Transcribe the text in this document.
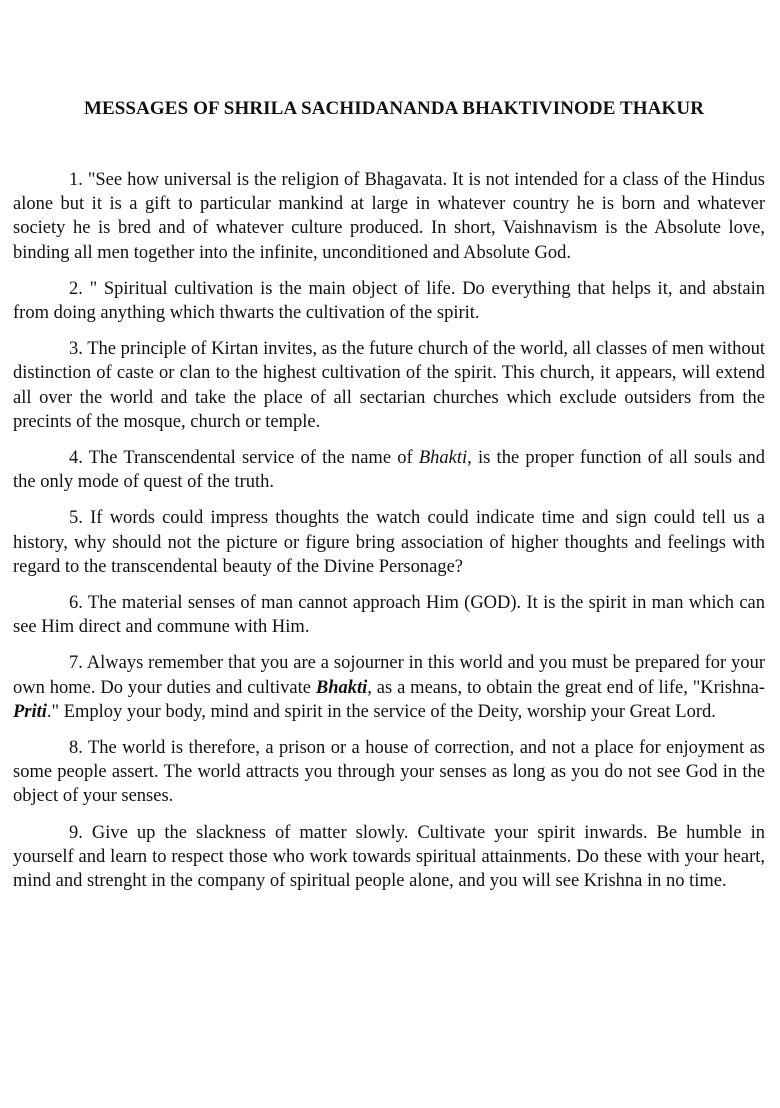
MESSAGES OF SHRILA SACHIDANANDA BHAKTIVINODE THAKUR

1. "See how universal is the religion of Bhagavata. It is not intended for a class of the Hindus alone but it is a gift to particular mankind at large in whatever country he is born and whatever society he is bred and of whatever culture produced. In short, Vaishnavism is the Absolute love, binding all men together into the infinite, unconditioned and Absolute God.

2. " Spiritual cultivation is the main object of life. Do everything that helps it, and abstain from doing anything which thwarts the cultivation of the spirit.

3. The principle of Kirtan invites, as the future church of the world, all classes of men without distinction of caste or clan to the highest cultivation of the spirit. This church, it appears, will extend all over the world and take the place of all sectarian churches which exclude outsiders from the precints of the mosque, church or temple.

4. The Transcendental service of the name of Bhakti, is the proper function of all souls and the only mode of quest of the truth.

5. If words could impress thoughts the watch could indicate time and sign could tell us a history, why should not the picture or figure bring association of higher thoughts and feelings with regard to the transcendental beauty of the Divine Personage?

6. The material senses of man cannot approach Him (GOD). It is the spirit in man which can see Him direct and commune with Him.

7. Always remember that you are a sojourner in this world and you must be prepared for your own home. Do your duties and cultivate Bhakti, as a means, to obtain the great end of life, "Krishna-Priti." Employ your body, mind and spirit in the service of the Deity, worship your Great Lord.

8. The world is therefore, a prison or a house of correction, and not a place for enjoyment as some people assert. The world attracts you through your senses as long as you do not see God in the object of your senses.

9. Give up the slackness of matter slowly. Cultivate your spirit inwards. Be humble in yourself and learn to respect those who work towards spiritual attainments. Do these with your heart, mind and strenght in the company of spiritual people alone, and you will see Krishna in no time.
